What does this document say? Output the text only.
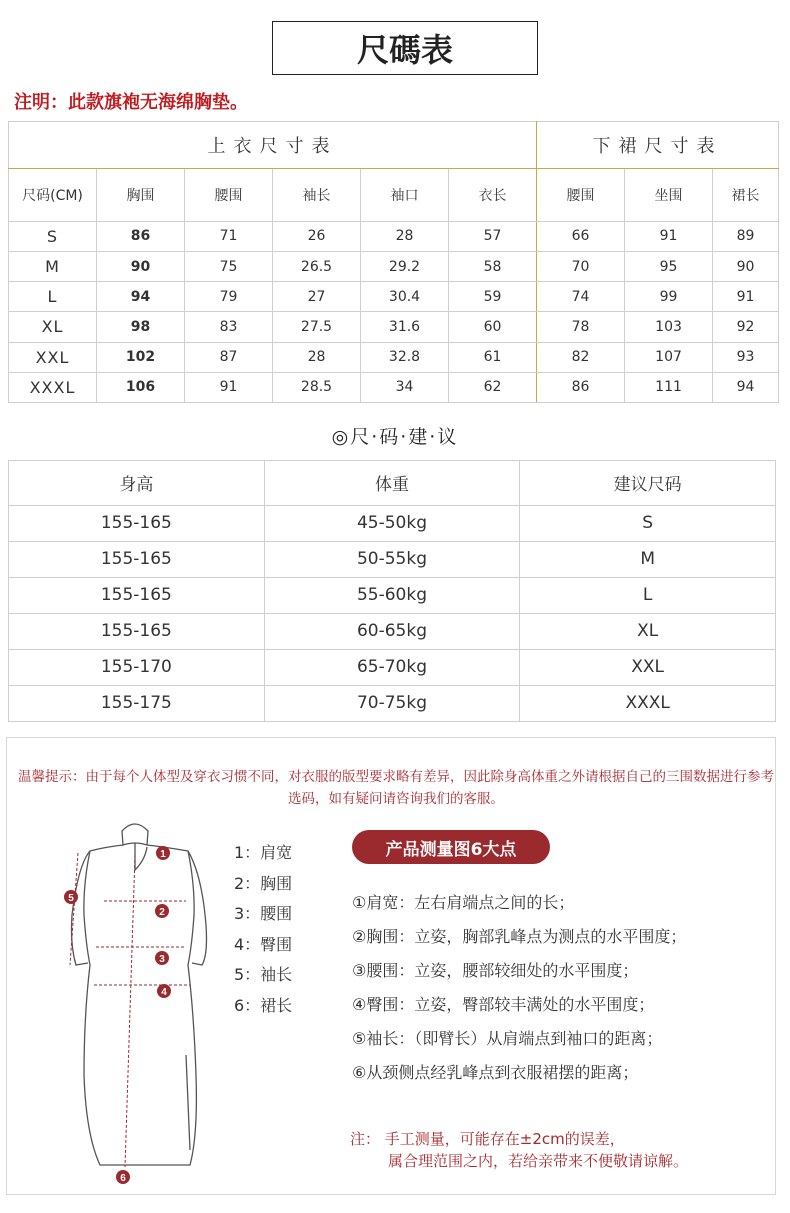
尺碼表
注明：此款旗袍无海绵胸垫。
上衣尺寸表						下裙尺寸表		
尺码(CM)	胸围	腰围	袖长	袖口	衣长	腰围	坐围	裙长
S	86	71	26	28	57	66	91	89
M	90	75	26.5	29.2	58	70	95	90
L	94	79	27	30.4	59	74	99	91
XL	98	83	27.5	31.6	60	78	103	92
XXL	102	87	28	32.8	61	82	107	93
XXXL	106	91	28.5	34	62	86	111	94
◎尺·码·建·议
身高	体重	建议尺码
155-165	45-50kg	S
155-165	50-55kg	M
155-165	55-60kg	L
155-165	60-65kg	XL
155-170	65-70kg	XXL
155-175	70-75kg	XXXL
温馨提示：由于每个人体型及穿衣习惯不同，对衣服的版型要求略有差异，因此除身高体重之外请根据自己的三围数据进行参考选码，如有疑问请咨询我们的客服。
1
2
3
4
5
6
1：肩宽
2：胸围
3：腰围
4：臀围
5：袖长
6：裙长
产品测量图6大点
①肩宽：左右肩端点之间的长；
②胸围：立姿，胸部乳峰点为测点的水平围度；
③腰围：立姿，腰部较细处的水平围度；
④臀围：立姿，臀部较丰满处的水平围度；
⑤袖长：（即臂长）从肩端点到袖口的距离；
⑥从颈侧点经乳峰点到衣服裙摆的距离；
注： 手工测量，可能存在±2cm的误差，
属合理范围之内，若给亲带来不便敬请谅解。
